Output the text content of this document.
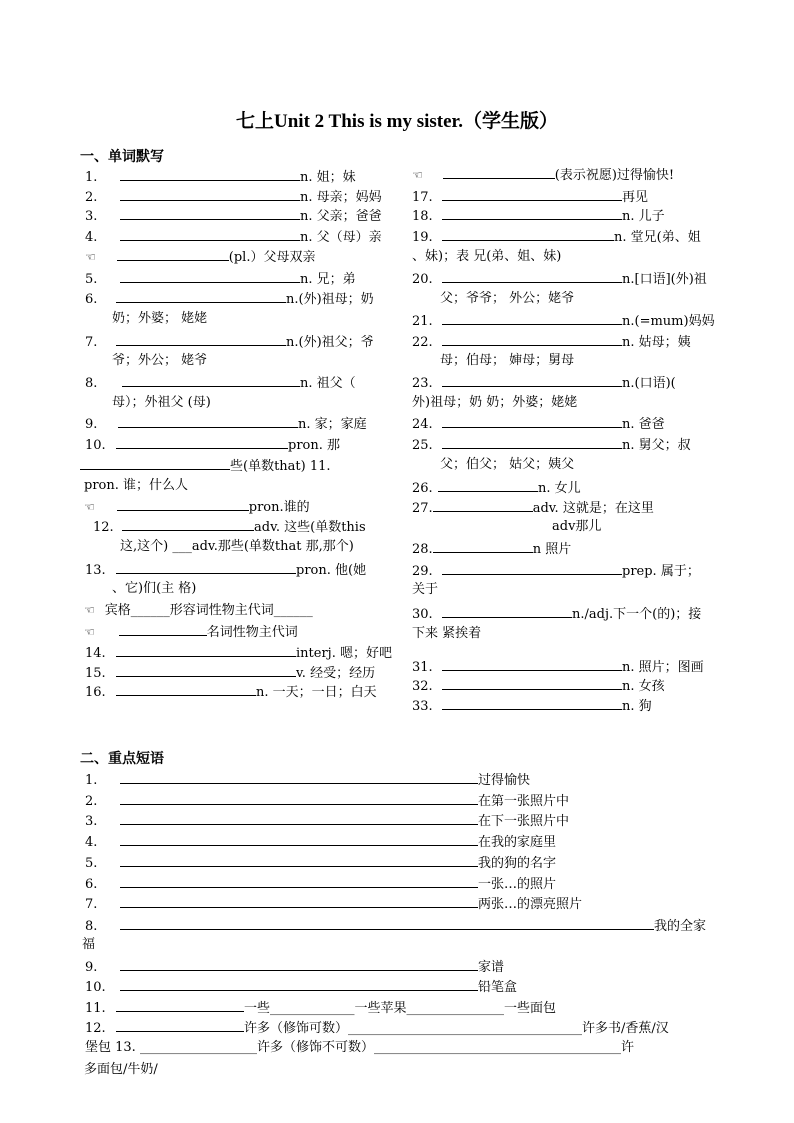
七上Unit 2 This is my sister.（学生版）
一、单词默写
二、重点短语
1.	n. 姐；妹
2.	n. 母亲；妈妈
3.	n. 父亲；爸爸
4.	n. 父（母）亲
☜	(pl.）父母双亲
5.	n. 兄；弟
6.	n.(外)祖母；奶
奶；外婆； 姥姥
7.	n.(外)祖父；爷
爷；外公； 姥爷
8.	n. 祖父（
母）；外祖父 (母)
9.	n. 家；家庭
10.	pron. 那
些(单数that) 11.
pron. 谁；什么人
☜	pron.谁的
12.	adv. 这些(单数this
这,这个) ___adv.那些(单数that 那,那个)
13.	pron. 他(她
、它)们(主 格)
☜ 宾格______形容词性物主代词______
☜	名词性物主代词
14.	interj. 嗯；好吧
15.	v. 经受；经历
16.	n. 一天；一日；白天
☜	(表示祝愿)过得愉快!
17.	再见
18.	n. 儿子
19.	n. 堂兄(弟、姐
、妹)；表 兄(弟、姐、妹)
20.	n.[口语](外)祖
父；爷爷； 外公；姥爷
21.	n.(=mum)妈妈
22.	n. 姑母；姨
母；伯母； 婶母；舅母
23.	n.(口语)(
外)祖母；奶 奶；外婆；姥姥
24.	n. 爸爸
25.	n. 舅父；叔
父；伯父； 姑父；姨父
26.	n. 女儿
27.	adv. 这就是；在这里
adv那儿
28.	n 照片
29.	prep. 属于；
关于
30.	n./adj.下一个(的)；接
下来 紧挨着
31.	n. 照片；图画
32.	n. 女孩
33.	n. 狗
1.	过得愉快
2.	在第一张照片中
3.	在下一张照片中
4.	在我的家庭里
5.	我的狗的名字
6.	一张…的照片
7.	两张…的漂亮照片
8.	我的全家
福
9.	家谱
10.	铅笔盒
11.	一些_____________一些苹果_______________一些面包
12.	许多（修饰可数）____________________________________许多书/香蕉/汉
堡包 13. __________________许多（修饰不可数）______________________________________许
多面包/牛奶/
